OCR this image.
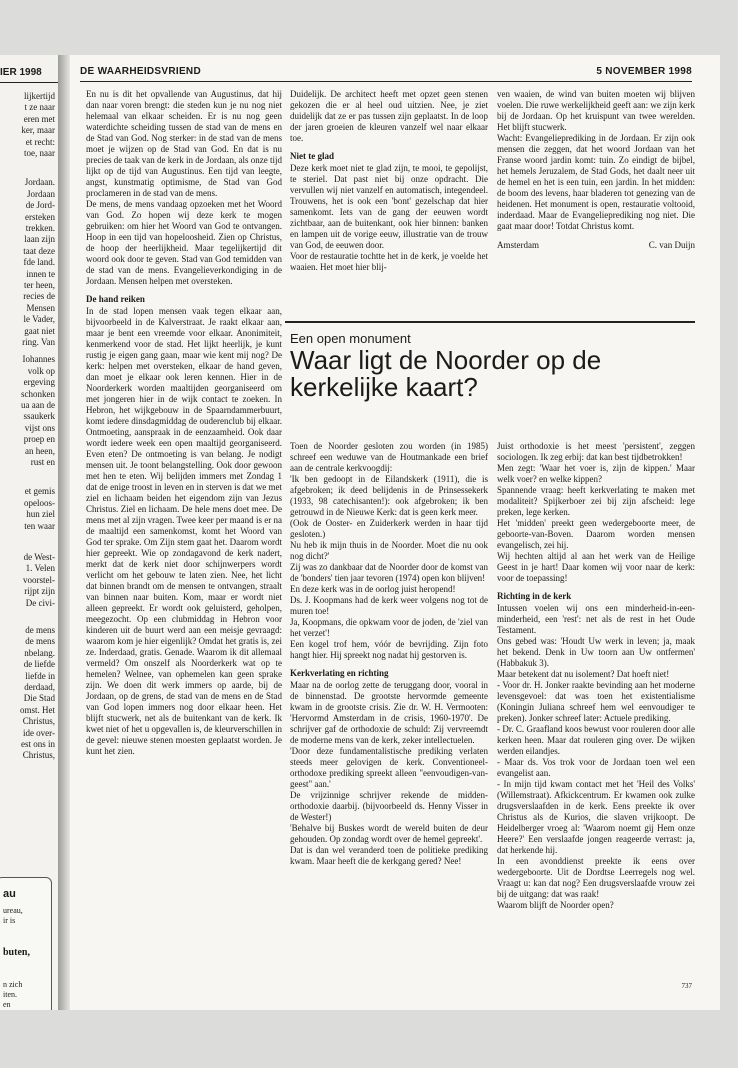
IER 1998
lijkertijd
t ze naar
eren met
ker, maar
et recht:
toe, naar
Jordaan.
Jordaan
de Jord-
ersteken
trekken.
laan zijn
taat deze
fde land.
innen te
ter heen,
recies de
Mensen
le Vader,
gaat niet
ring. Van
Iohannes
volk op
ergeving
schonken
ua aan de
ssaukerk
vijst ons
proep en
an heen,
rust en
et gemis
opeloos-
hun ziel
ten waar
de West-
1. Velen
voorstel-
rijpt zijn
De civi-
de mens
de mens
nbelang.
de liefde
liefde in
derdaad,
Die Stad
omst. Het
Christus,
ide over-
est ons in
Christus,
au
ureau,
ir is
buten,
n zich
iten.
en
DE WAARHEIDSVRIEND	5 NOVEMBER 1998

En nu is dit het opvallende van Augustinus, dat hij dan naar voren brengt: die steden kun je nu nog niet helemaal van elkaar scheiden. Er is nu nog geen waterdichte scheiding tussen de stad van de mens en de Stad van God. Nog sterker: in de stad van de mens moet je wijzen op de Stad van God. En dat is nu precies de taak van de kerk in de Jordaan, als onze tijd lijkt op de tijd van Augustinus. Een tijd van leegte, angst, kunstmatig optimisme, de Stad van God proclameren in de stad van de mens.

De mens, de mens vandaag opzoeken met het Woord van God. Zo hopen wij deze kerk te mogen gebruiken: om hier het Woord van God te ontvangen. Hoop in een tijd van hopeloosheid. Zien op Christus, de hoop der heerlijkheid. Maar tegelijkertijd dit woord ook door te geven. Stad van God temidden van de stad van de mens. Evangelieverkondiging in de Jordaan. Mensen helpen met oversteken.

De hand reiken

In de stad lopen mensen vaak tegen elkaar aan, bijvoorbeeld in de Kalverstraat. Je raakt elkaar aan, maar je bent een vreemde voor elkaar. Anonimiteit, kenmerkend voor de stad. Het lijkt heerlijk, je kunt rustig je eigen gang gaan, maar wie kent mij nog? De kerk: helpen met oversteken, elkaar de hand geven, dan moet je elkaar ook leren kennen. Hier in de Noorderkerk worden maaltijden georganiseerd om met jongeren hier in de wijk contact te zoeken. In Hebron, het wijkgebouw in de Spaarndammerbuurt, komt iedere dinsdagmiddag de ouderenclub bij elkaar. Ontmoeting, aanspraak in de eenzaamheid. Ook daar wordt iedere week een open maaltijd georganiseerd. Even eten? De ontmoeting is van belang. Je nodigt mensen uit. Je toont belangstelling. Ook door gewoon met hen te eten. Wij belijden immers met Zondag 1 dat de enige troost in leven en in sterven is dat we met ziel en lichaam beiden het eigendom zijn van Jezus Christus. Ziel en lichaam. De hele mens doet mee. De mens met al zijn vragen. Twee keer per maand is er na de maaltijd een samenkomst, komt het Woord van God ter sprake. Om Zijn stem gaat het. Daarom wordt hier gepreekt. Wie op zondagavond de kerk nadert, merkt dat de kerk niet door schijnwerpers wordt verlicht om het gebouw te laten zien. Nee, het licht dat binnen brandt om de mensen te ontvangen, straalt van binnen naar buiten. Kom, maar er wordt niet alleen gepreekt. Er wordt ook geluisterd, geholpen, meegezocht. Op een clubmiddag in Hebron voor kinderen uit de buurt werd aan een meisje gevraagd: waarom kom je hier eigenlijk? Omdat het gratis is, zei ze. Inderdaad, gratis. Genade. Waarom ik dit allemaal vermeld? Om onszelf als Noorderkerk wat op te hemelen? Welnee, van ophemelen kan geen sprake zijn. We doen dit werk immers op aarde, bij de Jordaan, op de grens, de stad van de mens en de Stad van God lopen immers nog door elkaar heen. Het blijft stucwerk, net als de buitenkant van de kerk. Ik kwet niet of het u opgevallen is, de kleurverschillen in de gevel: nieuwe stenen moesten geplaatst worden. Je kunt het zien.

Duidelijk. De architect heeft met opzet geen stenen gekozen die er al heel oud uitzien. Nee, je ziet duidelijk dat ze er pas tussen zijn geplaatst. In de loop der jaren groeien de kleuren vanzelf wel naar elkaar toe.

Niet te glad

Deze kerk moet niet te glad zijn, te mooi, te gepolijst, te steriel. Dat past niet bij onze opdracht. Die vervullen wij niet vanzelf en automatisch, integendeel. Trouwens, het is ook een 'bont' gezelschap dat hier samenkomt. Iets van de gang der eeuwen wordt zichtbaar, aan de buitenkant, ook hier binnen: banken en lampen uit de vorige eeuw, illustratie van de trouw van God, de eeuwen door.

Voor de restauratie tochtte het in de kerk, je voelde het waaien. Het moet hier blij-

ven waaien, de wind van buiten moeten wij blijven voelen. Die ruwe werkelijkheid geeft aan: we zijn kerk bij de Jordaan. Op het kruispunt van twee werelden. Het blijft stucwerk.

Wacht: Evangelieprediking in de Jordaan. Er zijn ook mensen die zeggen, dat het woord Jordaan van het Franse woord jardin komt: tuin. Zo eindigt de bijbel, het hemels Jeruzalem, de Stad Gods, het daalt neer uit de hemel en het is een tuin, een jardin. In het midden: de boom des levens, haar bladeren tot genezing van de heidenen. Het monument is open, restauratie voltooid, inderdaad. Maar de Evangelieprediking nog niet. Die gaat maar door! Totdat Christus komt.

Amsterdam	C. van Duijn
Een open monument
Waar ligt de Noorder op de kerkelijke kaart?

Toen de Noorder gesloten zou worden (in 1985) schreef een weduwe van de Houtmankade een brief aan de centrale kerkvoogdij:

'Ik ben gedoopt in de Eilandskerk (1911), die is afgebroken; ik deed belijdenis in de Prinsessekerk (1933, 98 catechisanten!): ook afgebroken; ik ben getrouwd in de Nieuwe Kerk: dat is geen kerk meer.

(Ook de Ooster- en Zuiderkerk werden in haar tijd gesloten.)

Nu heb ik mijn thuis in de Noorder. Moet die nu ook nog dicht?'

Zij was zo dankbaar dat de Noorder door de komst van de 'bonders' tien jaar tevoren (1974) open kon blijven!

En deze kerk was in de oorlog juist heropend!

Ds. J. Koopmans had de kerk weer volgens nog tot de muren toe!

Ja, Koopmans, die opkwam voor de joden, de 'ziel van het verzet'!

Een kogel trof hem, vóór de bevrijding. Zijn foto hangt hier. Hij spreekt nog nadat hij gestorven is.

Kerkverlating en richting

Maar na de oorlog zette de teruggang door, vooral in de binnenstad. De grootste hervormde gemeente kwam in de grootste crisis. Zie dr. W. H. Vermooten: 'Hervormd Amsterdam in de crisis, 1960-1970'. De schrijver gaf de orthodoxie de schuld: Zij vervreemdt de moderne mens van de kerk, zeker intellectuelen.

'Door deze fundamentalistische prediking verlaten steeds meer gelovigen de kerk. Conventioneel-orthodoxe prediking spreekt alleen "eenvoudigen-van-geest" aan.'

De vrijzinnige schrijver rekende de midden-orthodoxie daarbij. (bijvoorbeeld ds. Henny Visser in de Wester!)

'Behalve bij Buskes wordt de wereld buiten de deur gehouden. Op zondag wordt over de hemel gepreekt'.

Dat is dan wel veranderd toen de politieke prediking kwam. Maar heeft die de kerkgang gered? Nee!

Juist orthodoxie is het meest 'persistent', zeggen sociologen. Ik zeg erbij: dat kan best tijdbetrokken!

Men zegt: 'Waar het voer is, zijn de kippen.' Maar welk voer? en welke kippen?

Spannende vraag: heeft kerkverlating te maken met modaliteit? Spijkerboer zei bij zijn afscheid: lege preken, lege kerken.

Het 'midden' preekt geen wedergeboorte meer, de geboorte-van-Boven. Daarom worden mensen evangelisch, zei hij.

Wij hechten altijd al aan het werk van de Heilige Geest in je hart! Daar komen wij voor naar de kerk: voor de toepassing!

Richting in de kerk

Intussen voelen wij ons een minderheid-in-een-minderheid, een 'rest': net als de rest in het Oude Testament.

Ons gebed was: 'Houdt Uw werk in leven; ja, maak het bekend. Denk in Uw toorn aan Uw ontfermen' (Habbakuk 3).

Maar betekent dat nu isolement? Dat hoeft niet!

- Voor dr. H. Jonker raakte bevinding aan het moderne levensgevoel: dat was toen het existentialisme (Koningin Juliana schreef hem wel eenvoudiger te preken). Jonker schreef later: Actuele prediking.

- Dr. C. Graafland koos bewust voor rouleren door alle kerken heen. Maar dat rouleren ging over. De wijken werden eilandjes.

- Maar ds. Vos trok voor de Jordaan toen wel een evangelist aan.

- In mijn tijd kwam contact met het 'Heil des Volks' (Willemstraat). Afkickcentrum. Er kwamen ook zulke drugsverslaafden in de kerk. Eens preekte ik over Christus als de Kurios, die slaven vrijkoopt. De Heidelberger vroeg al: 'Waarom noemt gij Hem onze Heere?' Een verslaafde jongen reageerde verrast: ja, dat herkende hij.

In een avonddienst preekte ik eens over wedergeboorte. Uit de Dordtse Leerregels nog wel. Vraagt u: kan dat nog? Een drugsverslaafde vrouw zei bij de uitgang: dat was raak!

Waarom blijft de Noorder open?

737
